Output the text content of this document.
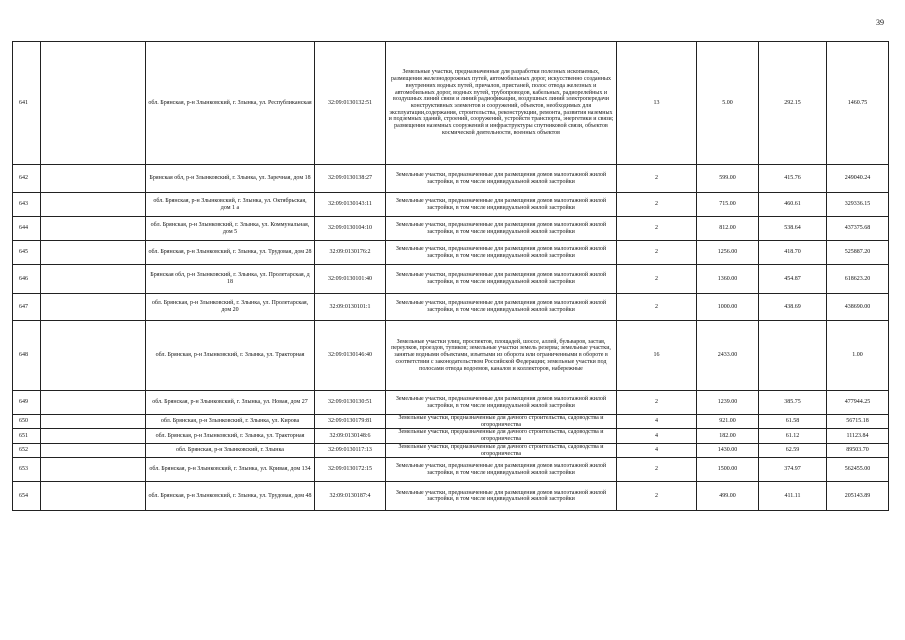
39
641		обл. Брянская, р-н Злынковский, г. Злынка, ул. Республиканская	32:09:0130132:51	Земельные участки, предназначенные для разработки полезных ископаемых, размещения железнодорожных путей, автомобильных дорог, искусственно созданных внутренних водных путей, причалов, пристаней, полос отвода железных и автомобильных дорог, водных путей, трубопроводов, кабельных, радиорелейных и воздушных линий связи и линий радиофикации, воздушных линий электропередачи конструктивных элементов и сооружений, объектов, необходимых для эксплуатации,содержания, строительства, реконструкции, ремонта, развития наземных и подземных зданий, строений, сооружений, устройств транспорта, энергетики и связи; размещения наземных сооружений и инфраструктуры спутниковой связи, объектов космической деятельности, военных объектов	13	5.00	292.15	1460.75
642		Брянская обл, р-н Злынковский, г. Злынка, ул. Заречная, дом 18	32:09:0130138:27	Земельные участки, предназначенные для размещения домов малоэтажной жилой застройки, в том числе индивидуальной жилой застройки	2	599.00	415.76	249040.24
643		обл. Брянская, р-н Злынковский, г. Злынка, ул. Октябрьская, дом 1 а	32:09:0130143:11	Земельные участки, предназначенные для размещения домов малоэтажной жилой застройки, в том числе индивидуальной жилой застройки	2	715.00	460.61	329336.15
644		обл. Брянская, р-н Злынковский, г. Злынка, ул. Коммунальная, дом 5	32:09:0130104:10	Земельные участки, предназначенные для размещения домов малоэтажной жилой застройки, в том числе индивидуальной жилой застройки	2	812.00	538.64	437375.68
645		обл. Брянская, р-н Злынковский, г. Злынка, ул. Трудовая, дом 28	32:09:0130176:2	Земельные участки, предназначенные для размещения домов малоэтажной жилой застройки, в том числе индивидуальной жилой застройки	2	1256.00	418.70	525887.20
646		Брянская обл, р-н Злынковский, г. Злынка, ул. Пролетарская, д 18	32:09:0130101:40	Земельные участки, предназначенные для размещения домов малоэтажной жилой застройки, в том числе индивидуальной жилой застройки	2	1360.00	454.87	618623.20
647		обл. Брянская, р-н Злынковский, г. Злынка, ул. Пролетарская, дом 20	32:09:0130101:1	Земельные участки, предназначенные для размещения домов малоэтажной жилой застройки, в том числе индивидуальной жилой застройки	2	1000.00	438.69	438690.00
648		обл. Брянская, р-н Злынковский, г. Злынка, ул. Тракторная	32:09:0130146:40	Земельные участки улиц, проспектов, площадей, шоссе, аллей, бульваров, застав, переулков, проездов, тупиков; земельные участки земель резерва; земельные участки, занятые водными объектами, изъятыми из оборота или ограниченными в обороте в соответствии с законодательством Российской Федерации; земельные участки под полосами отвода водоемов, каналов и коллекторов, набережные	16	2433.00		1.00
649		обл. Брянская, р-н Злынковский, г. Злынка, ул. Новая, дом 27	32:09:0130130:51	Земельные участки, предназначенные для размещения домов малоэтажной жилой застройки, в том числе индивидуальной жилой застройки	2	1239.00	385.75	477944.25
650		обл. Брянская, р-н Злынковский, г. Злынка, ул. Кирова	32:09:0130179:81	Земельные участки, предназначенные для дачного строительства, садоводства и огородничества	4	921.00	61.58	56715.18
651		обл. Брянская, р-н Злынковский, г. Злынка, ул. Тракторная	32:09:0130148:6	Земельные участки, предназначенные для дачного строительства, садоводства и огородничества	4	182.00	61.12	11123.84
652		обл. Брянская, р-н Злынковский, г. Злынка	32:09:0130117:13	Земельные участки, предназначенные для дачного строительства, садоводства и огородничества	4	1430.00	62.59	89503.70
653		обл. Брянская, р-н Злынковский, г. Злынка, ул. Кривая, дом 134	32:09:0130172:15	Земельные участки, предназначенные для размещения домов малоэтажной жилой застройки, в том числе индивидуальной жилой застройки	2	1500.00	374.97	562455.00
654		обл. Брянская, р-н Злынковский, г. Злынка, ул. Трудовая, дом 48	32:09:0130187:4	Земельные участки, предназначенные для размещения домов малоэтажной жилой застройки, в том числе индивидуальной жилой застройки	2	499.00	411.11	205143.89
